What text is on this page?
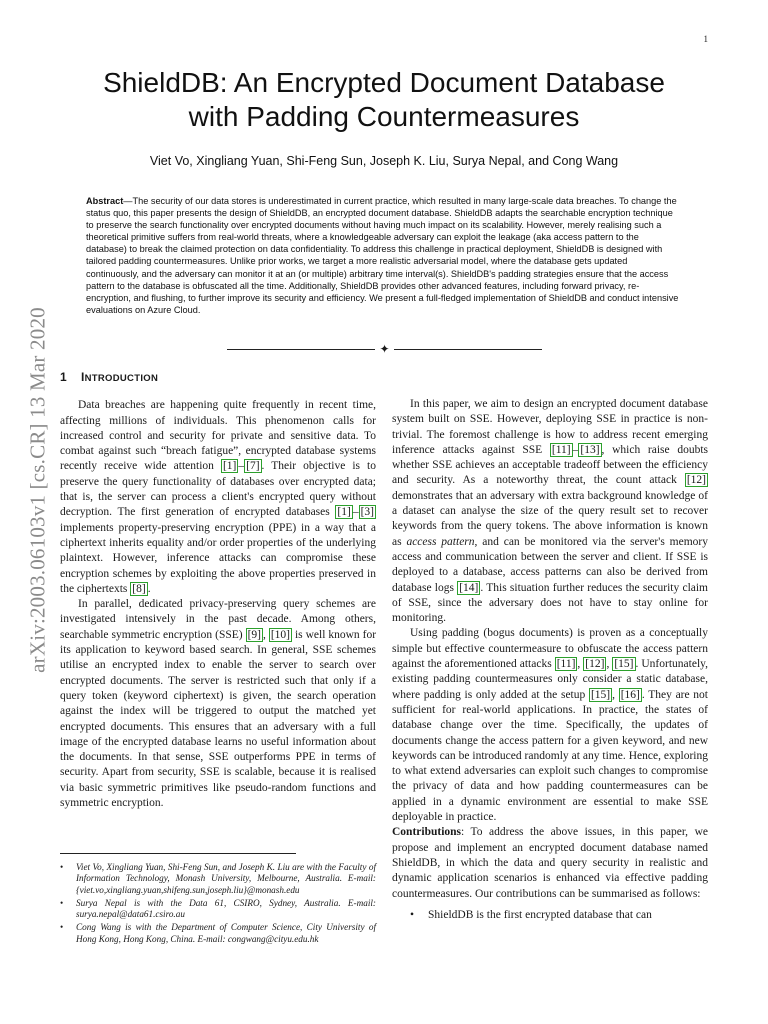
1
arXiv:2003.06103v1 [cs.CR] 13 Mar 2020
ShieldDB: An Encrypted Document Database
with Padding Countermeasures
Viet Vo, Xingliang Yuan, Shi-Feng Sun, Joseph K. Liu, Surya Nepal, and Cong Wang
Abstract—The security of our data stores is underestimated in current practice, which resulted in many large-scale data breaches. To change the status quo, this paper presents the design of ShieldDB, an encrypted document database. ShieldDB adapts the searchable encryption technique to preserve the search functionality over encrypted documents without having much impact on its scalability. However, merely realising such a theoretical primitive suffers from real-world threats, where a knowledgeable adversary can exploit the leakage (aka access pattern to the database) to break the claimed protection on data confidentiality. To address this challenge in practical deployment, ShieldDB is designed with tailored padding countermeasures. Unlike prior works, we target a more realistic adversarial model, where the database gets updated continuously, and the adversary can monitor it at an (or multiple) arbitrary time interval(s). ShieldDB's padding strategies ensure that the access pattern to the database is obfuscated all the time. Additionally, ShieldDB provides other advanced features, including forward privacy, re-encryption, and flushing, to further improve its security and efficiency. We present a full-fledged implementation of ShieldDB and conduct intensive evaluations on Azure Cloud.
✦
1 INTRODUCTION

Data breaches are happening quite frequently in recent time, affecting millions of individuals. This phenomenon calls for increased control and security for private and sensitive data. To combat against such “breach fatigue”, encrypted database systems recently receive wide attention [1] – [7] . Their objective is to preserve the query functionality of databases over encrypted data; that is, the server can process a client's encrypted query without decryption. The first generation of encrypted databases [1] – [3] implements property-preserving encryption (PPE) in a way that a ciphertext inherits equality and/or order properties of the underlying plaintext. However, inference attacks can compromise these encryption schemes by exploiting the above properties preserved in the ciphertexts [8] .

In parallel, dedicated privacy-preserving query schemes are investigated intensively in the past decade. Among others, searchable symmetric encryption (SSE) [9] , [10] is well known for its application to keyword based search. In general, SSE schemes utilise an encrypted index to enable the server to search over encrypted documents. The server is restricted such that only if a query token (keyword ciphertext) is given, the search operation against the index will be triggered to output the matched yet encrypted documents. This ensures that an adversary with a full image of the encrypted database learns no useful information about the documents. In that sense, SSE outperforms PPE in terms of security. Apart from security, SSE is scalable, because it is realised via basic symmetric primitives like pseudo-random functions and symmetric encryption.

• Viet Vo, Xingliang Yuan, Shi-Feng Sun, and Joseph K. Liu are with the Faculty of Information Technology, Monash University, Melbourne, Australia. E-mail: {viet.vo,xingliang.yuan,shifeng.sun,joseph.liu}@monash.edu
• Surya Nepal is with the Data 61, CSIRO, Sydney, Australia. E-mail: surya.nepal@data61.csiro.au
• Cong Wang is with the Department of Computer Science, City University of Hong Kong, Hong Kong, China. E-mail: congwang@cityu.edu.hk

In this paper, we aim to design an encrypted document database system built on SSE. However, deploying SSE in practice is non-trivial. The foremost challenge is how to address recent emerging inference attacks against SSE [11] – [13] , which raise doubts whether SSE achieves an acceptable tradeoff between the efficiency and security. As a noteworthy threat, the count attack [12] demonstrates that an adversary with extra background knowledge of a dataset can analyse the size of the query result set to recover keywords from the query tokens. The above information is known as access pattern, and can be monitored via the server's memory access and communication between the server and client. If SSE is deployed to a database, access patterns can also be derived from database logs [14] . This situation further reduces the security claim of SSE, since the adversary does not have to stay online for monitoring.

Using padding (bogus documents) is proven as a conceptually simple but effective countermeasure to obfuscate the access pattern against the aforementioned attacks [11] , [12] , [15] . Unfortunately, existing padding countermeasures only consider a static database, where padding is only added at the setup [15] , [16] . They are not sufficient for real-world applications. In practice, the states of database change over the time. Specifically, the updates of documents change the access pattern for a given keyword, and new keywords can be introduced randomly at any time. Hence, exploring to what extend adversaries can exploit such changes to compromise the privacy of data and how padding countermeasures can be applied in a dynamic environment are essential to make SSE deployable in practice.

Contributions: To address the above issues, in this paper, we propose and implement an encrypted document database named ShieldDB, in which the data and query security in realistic and dynamic application scenarios is enhanced via effective padding countermeasures. Our contributions can be summarised as follows:

• ShieldDB is the first encrypted database that can
